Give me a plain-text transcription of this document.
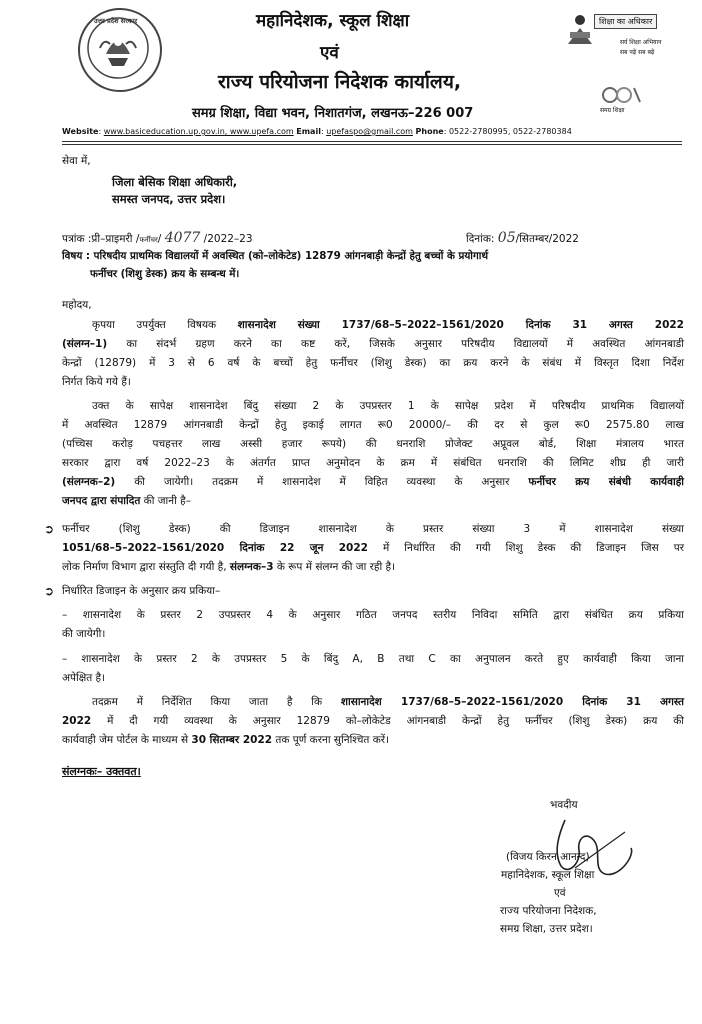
उत्तर प्रदेश सरकार	महानिदेशक, स्कूल शिक्षा
एवं
राज्य परियोजना निदेशक कार्यालय,
समग्र शिक्षा, विद्या भवन, निशातगंज, लखनऊ–226 007
शिक्षा का अधिकार
सर्व शिक्षा अभियान
सब पढ़ें सब बढ़ें
समग्र शिक्षा
Website: www.basiceducation.up.gov.in, www.upefa.com Email: upefaspo@gmail.com Phone: 0522-2780995, 0522-2780384
सेवा में,
जिला बेसिक शिक्षा अधिकारी,
समस्त जनपद, उत्तर प्रदेश।
पत्रांक :प्री–प्राइमरी /फर्नीचर/ 4077 /2022–23	दिनांक: 05/सितम्बर/2022
विषय : परिषदीय प्राथमिक विद्यालयों में अवस्थित (को–लोकेटेड) 12879 आंगनबाड़ी केन्द्रों हेतु बच्चों के प्रयोगार्थ
फर्नीचर (शिशु डेस्क) क्रय के सम्बन्ध में।
महोदय,
कृपया उपर्युक्त विषयक शासनादेश संख्या 1737/68–5–2022–1561/2020 दिनांक 31 अगस्त 2022
(संलग्न–1) का संदर्भ ग्रहण करने का कष्ट करें, जिसके अनुसार परिषदीय विद्यालयों में अवस्थित आंगनबाडी
केन्द्रों (12879) में 3 से 6 वर्ष के बच्चों हेतु फर्नीचर (शिशु डेस्क) का क्रय करने के संबंध में विस्तृत दिशा निर्देश
निर्गत किये गये हैं।
उक्त के सापेक्ष शासनादेश बिंदु संख्या 2 के उपप्रस्तर 1 के सापेक्ष प्रदेश में परिषदीय प्राथमिक विद्यालयों
में अवस्थित 12879 आंगनबाडी केन्द्रों हेतु इकाई लागत रू0 20000/– की दर से कुल रू0 2575.80 लाख
(पच्चिस करोड़ पचहत्तर लाख अस्सी हजार रूपये) की धनराशि प्रोजेक्ट अप्रूवल बोर्ड, शिक्षा मंत्रालय भारत
सरकार द्वारा वर्ष 2022–23 के अंतर्गत प्राप्त अनुमोदन के क्रम में संबंधित धनराशि की लिमिट शीघ्र ही जारी
(संलग्नक–2) की जायेगी। तदक्रम में शासनादेश में विहित व्यवस्था के अनुसार फर्नीचर क्रय संबंधी कार्यवाही
जनपद द्वारा संपादित की जानी है–
➲ फर्नीचर (शिशु डेस्क) की डिजाइन शासनादेश के प्रस्तर संख्या 3 में शासनादेश संख्या
1051/68–5–2022–1561/2020 दिनांक 22 जून 2022 में निर्धारित की गयी शिशु डेस्क की डिजाइन जिस पर
लोक निर्माण विभाग द्वारा संस्तुति दी गयी है, संलग्नक–3 के रूप में संलग्न की जा रही है।
➲ निर्धारित डिजाइन के अनुसार क्रय प्रकिया–
– शासनादेश के प्रस्तर 2 उपप्रस्तर 4 के अनुसार गठित जनपद स्तरीय निविदा समिति द्वारा संबंधित क्रय प्रकिया
की जायेगी।
– शासनादेश के प्रस्तर 2 के उपप्रस्तर 5 के बिंदु A, B तथा C का अनुपालन करते हुए कार्यवाही किया जाना
अपेक्षित है।
तदक्रम में निर्देशित किया जाता है कि शासानादेश 1737/68–5–2022–1561/2020 दिनांक 31 अगस्त
2022 में दी गयी व्यवस्था के अनुसार 12879 को–लोकेटेड आंगनबाडी केन्द्रों हेतु फर्नीचर (शिशु डेस्क) क्रय की
कार्यवाही जेम पोर्टल के माध्यम से 30 सितम्बर 2022 तक पूर्ण करना सुनिश्चित करें।
संलग्नकः– उक्तवत।
भवदीय
(विजय किरन आनन्द)
महानिदेशक, स्कूल शिक्षा
एवं
राज्य परियोजना निदेशक,
समग्र शिक्षा, उत्तर प्रदेश।
